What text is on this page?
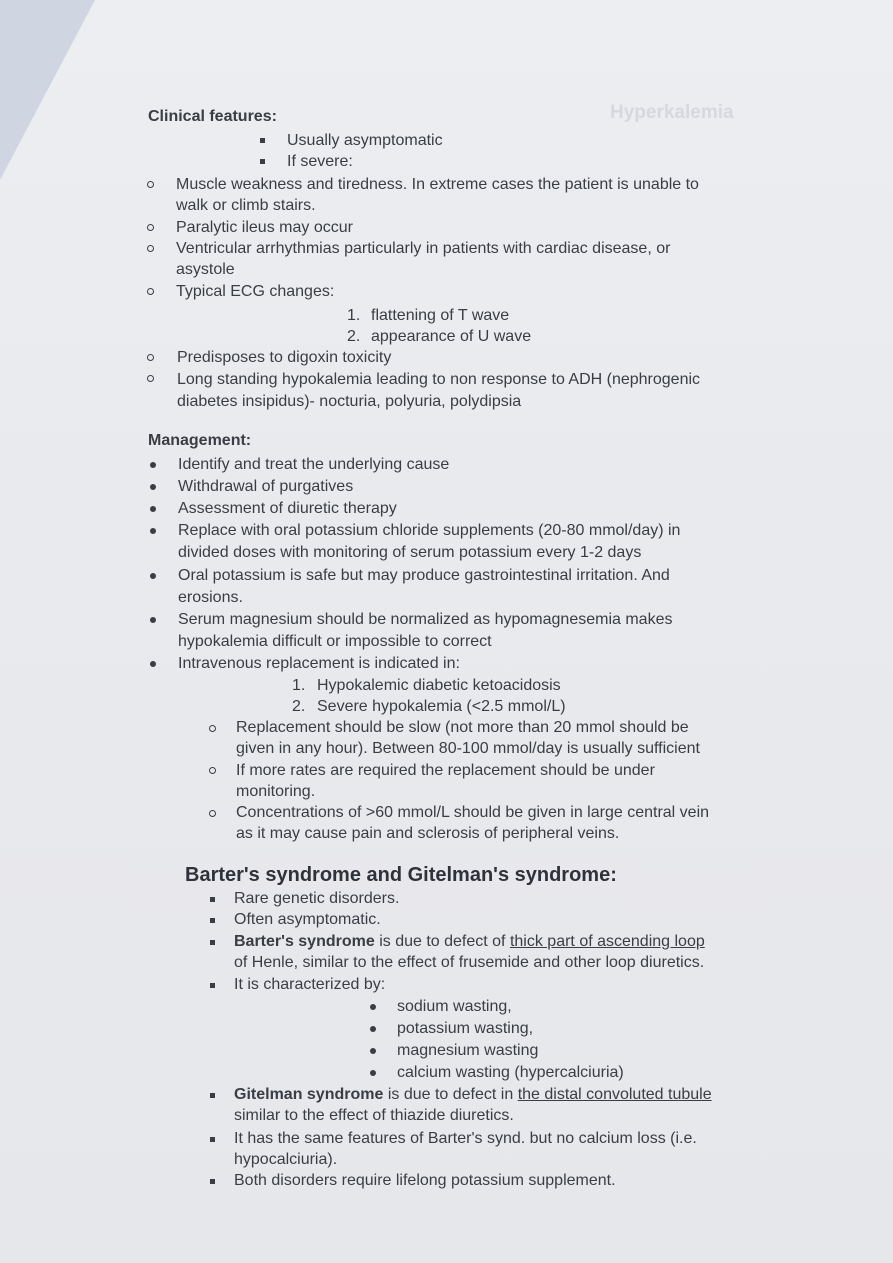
Hyperkalemia
Clinical features:
Usually asymptomatic
If severe:
Muscle weakness and tiredness. In extreme cases the patient is unable to
walk or climb stairs.
Paralytic ileus may occur
Ventricular arrhythmias particularly in patients with cardiac disease, or
asystole
Typical ECG changes:
1. flattening of T wave
2. appearance of U wave
Predisposes to digoxin toxicity
Long standing hypokalemia leading to non response to ADH (nephrogenic
diabetes insipidus)- nocturia, polyuria, polydipsia
Management:
Identify and treat the underlying cause
Withdrawal of purgatives
Assessment of diuretic therapy
Replace with oral potassium chloride supplements (20-80 mmol/day) in
divided doses with monitoring of serum potassium every 1-2 days
Oral potassium is safe but may produce gastrointestinal irritation. And
erosions.
Serum magnesium should be normalized as hypomagnesemia makes
hypokalemia difficult or impossible to correct
Intravenous replacement is indicated in:
1. Hypokalemic diabetic ketoacidosis
2. Severe hypokalemia (<2.5 mmol/L)
Replacement should be slow (not more than 20 mmol should be
given in any hour). Between 80-100 mmol/day is usually sufficient
If more rates are required the replacement should be under
monitoring.
Concentrations of >60 mmol/L should be given in large central vein
as it may cause pain and sclerosis of peripheral veins.
Barter's syndrome and Gitelman's syndrome:
Rare genetic disorders.
Often asymptomatic.
Barter's syndrome is due to defect of thick part of ascending loop
of Henle, similar to the effect of frusemide and other loop diuretics.
It is characterized by:
sodium wasting,
potassium wasting,
magnesium wasting
calcium wasting (hypercalciuria)
Gitelman syndrome is due to defect in the distal convoluted tubule
similar to the effect of thiazide diuretics.
It has the same features of Barter's synd. but no calcium loss (i.e.
hypocalciuria).
Both disorders require lifelong potassium supplement.
